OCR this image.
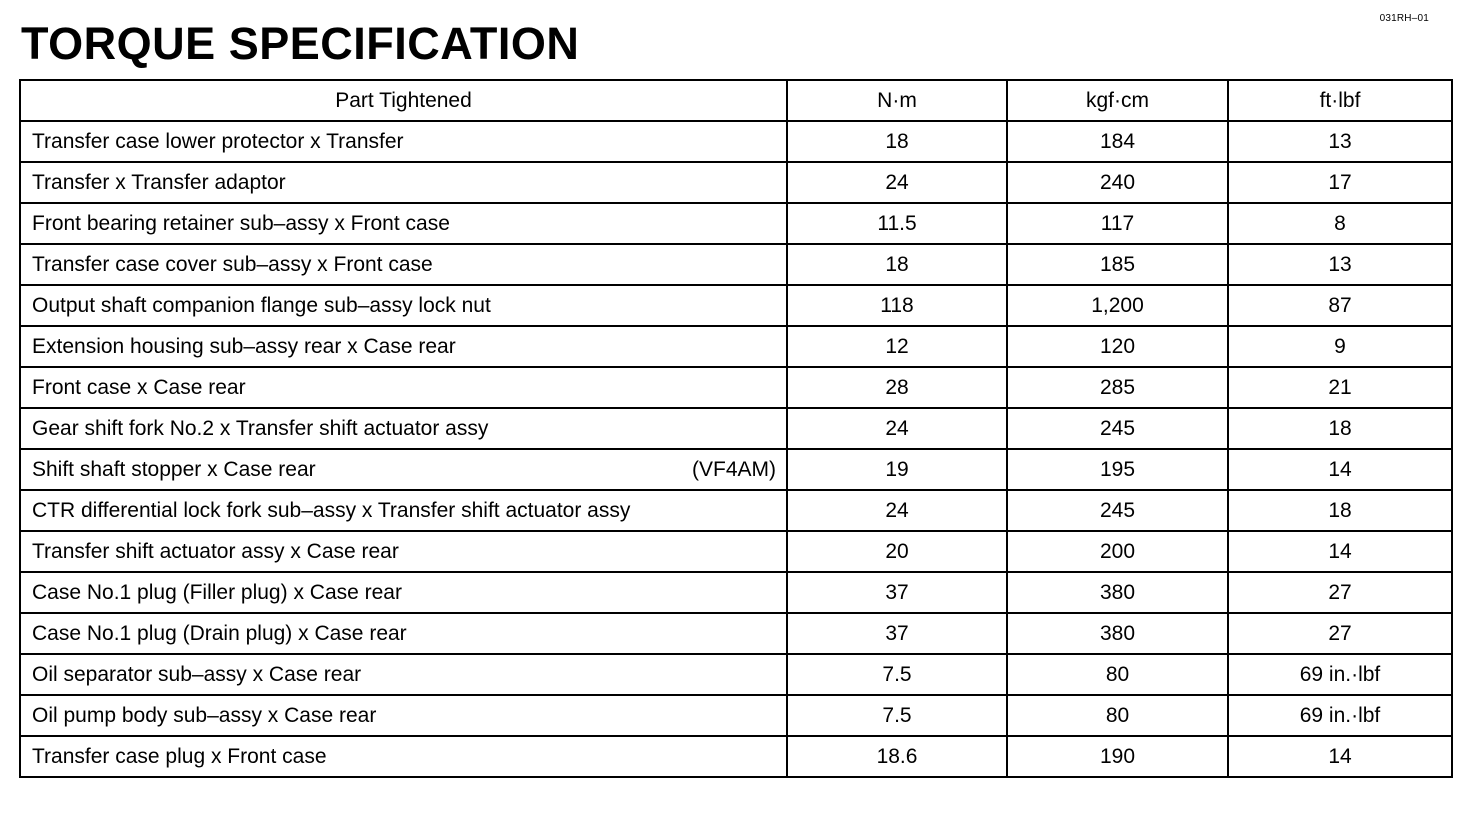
031RH–01
TORQUE SPECIFICATION
Part Tightened	N·m	kgf·cm	ft·lbf

Transfer case lower protector x Transfer	18	184	13

Transfer x Transfer adaptor	24	240	17

Front bearing retainer sub–assy x Front case	11.5	117	8

Transfer case cover sub–assy x Front case	18	185	13

Output shaft companion flange sub–assy lock nut	118	1,200	87

Extension housing sub–assy rear x Case rear	12	120	9

Front case x Case rear	28	285	21

Gear shift fork No.2 x Transfer shift actuator assy	24	245	18

Shift shaft stopper x Case rear (VF4AM)	19	195	14

CTR differential lock fork sub–assy x Transfer shift actuator assy	24	245	18

Transfer shift actuator assy x Case rear	20	200	14

Case No.1 plug (Filler plug) x Case rear	37	380	27

Case No.1 plug (Drain plug) x Case rear	37	380	27

Oil separator sub–assy x Case rear	7.5	80	69 in.·lbf

Oil pump body sub–assy x Case rear	7.5	80	69 in.·lbf

Transfer case plug x Front case	18.6	190	14
